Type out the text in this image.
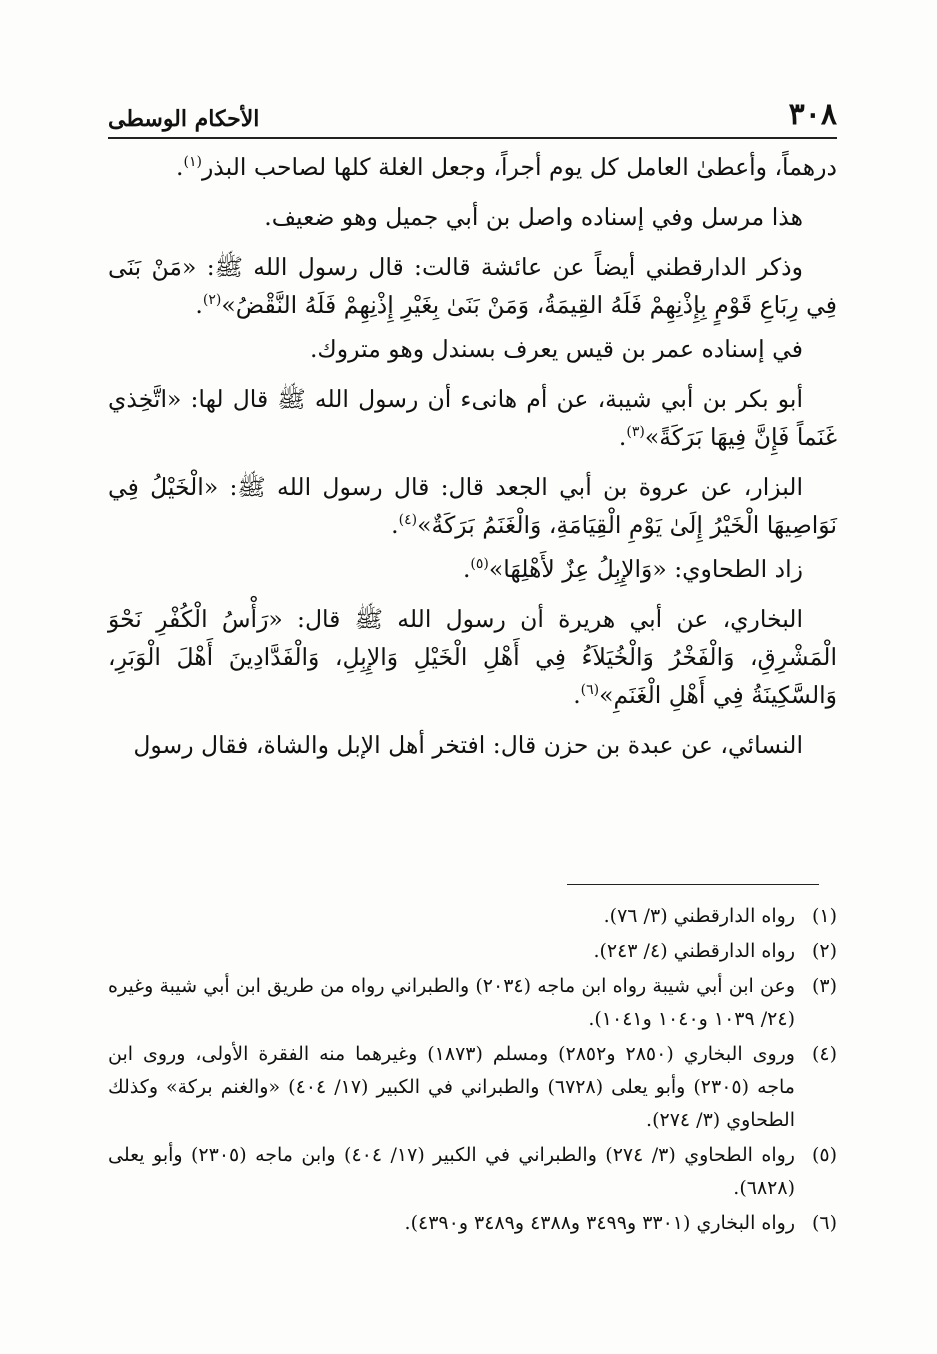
٣٠٨
الأحكام الوسطى

درهماً، وأعطىٰ العامل كل يوم أجراً، وجعل الغلة كلها لصاحب البذر$^{(١)}$.

هذا مرسل وفي إسناده واصل بن أبي جميل وهو ضعيف.

وذكر الدارقطني أيضاً عن عائشة قالت: قال رسول الله ﷺ: «مَنْ بَنَى فِي رِبَاعِ قَوْمٍ بِإِذْنِهِمْ فَلَهُ القِيمَةُ، وَمَنْ بَنَىٰ بِغَيْرِ إِذْنِهِمْ فَلَهُ النَّقْضُ»$^{(٢)}$.

في إسناده عمر بن قيس يعرف بسندل وهو متروك.

أبو بكر بن أبي شيبة، عن أم هانىء أن رسول الله ﷺ قال لها: «اتَّخِذي غَنَماً فَإِنَّ فِيهَا بَرَكَةً»$^{(٣)}$.

البزار، عن عروة بن أبي الجعد قال: قال رسول الله ﷺ: «الْخَيْلُ فِي نَوَاصِيهَا الْخَيْرُ إِلَىٰ يَوْمِ الْقِيَامَةِ، وَالْغَنَمُ بَرَكَةٌ»$^{(٤)}$.

زاد الطحاوي: «وَالإِبِلُ عِزٌ لأَهْلِهَا»$^{(٥)}$.

البخاري، عن أبي هريرة أن رسول الله ﷺ قال: «رَأْسُ الْكُفْرِ نَحْوَ الْمَشْرِقِ، وَالْفَخْرُ وَالْخُيَلاَءُ فِي أَهْلِ الْخَيْلِ وَالإِبِلِ، وَالْفَدَّادِينَ أَهْلَ الْوَبَرِ، وَالسَّكِينَةُ فِي أَهْلِ الْغَنَمِ»$^{(٦)}$.

النسائي، عن عبدة بن حزن قال: افتخر أهل الإبل والشاة، فقال رسول

(١)
رواه الدارقطني (٣/ ٧٦).
(٢)
رواه الدارقطني (٤/ ٢٤٣).
(٣)
وعن ابن أبي شيبة رواه ابن ماجه (٢٠٣٤) والطبراني رواه من طريق ابن أبي شيبة وغيره (٢٤/ ١٠٣٩ و١٠٤٠ و١٠٤١).
(٤)
وروى البخاري (٢٨٥٠ و٢٨٥٢) ومسلم (١٨٧٣) وغيرهما منه الفقرة الأولى، وروى ابن ماجه (٢٣٠٥) وأبو يعلى (٦٧٢٨) والطبراني في الكبير (١٧/ ٤٠٤) «والغنم بركة» وكذلك الطحاوي (٣/ ٢٧٤).
(٥)
رواه الطحاوي (٣/ ٢٧٤) والطبراني في الكبير (١٧/ ٤٠٤) وابن ماجه (٢٣٠٥) وأبو يعلى (٦٨٢٨).
(٦)
رواه البخاري (٣٣٠١ و٣٤٩٩ و٤٣٨٨ و٣٤٨٩ و٤٣٩٠).
